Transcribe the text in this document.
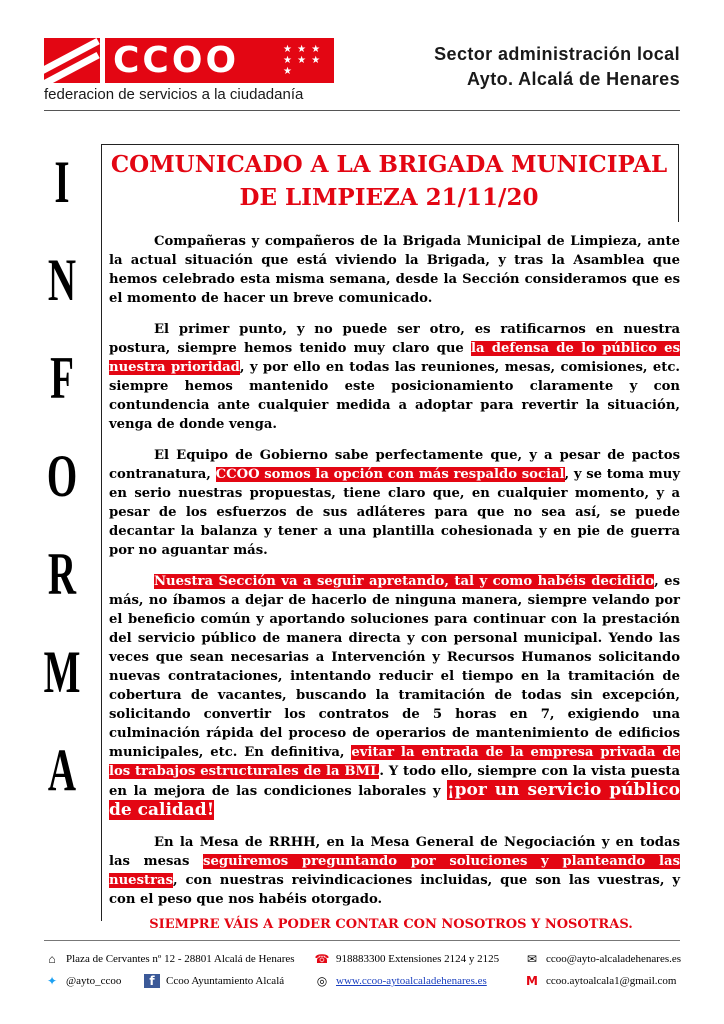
CCOO	★ ★ ★ ★ ★ ★ ★
federacion de servicios a la ciudadanía
Sector administración local
Ayto. Alcalá de Henares
I
N
F
O
R
M
A
COMUNICADO A LA BRIGADA MUNICIPAL
DE LIMPIEZA 21/11/20

Compañeras y compañeros de la Brigada Municipal de Limpieza, ante la actual situación que está viviendo la Brigada, y tras la Asamblea que hemos celebrado esta misma semana, desde la Sección consideramos que es el momento de hacer un breve comunicado.

El primer punto, y no puede ser otro, es ratificarnos en nuestra postura, siempre hemos tenido muy claro que la defensa de lo público es nuestra prioridad, y por ello en todas las reuniones, mesas, comisiones, etc. siempre hemos mantenido este posicionamiento claramente y con contundencia ante cualquier medida a adoptar para revertir la situación, venga de donde venga.

El Equipo de Gobierno sabe perfectamente que, y a pesar de pactos contranatura, CCOO somos la opción con más respaldo social, y se toma muy en serio nuestras propuestas, tiene claro que, en cualquier momento, y a pesar de los esfuerzos de sus adláteres para que no sea así, se puede decantar la balanza y tener a una plantilla cohesionada y en pie de guerra por no aguantar más.

Nuestra Sección va a seguir apretando, tal y como habéis decidido, es más, no íbamos a dejar de hacerlo de ninguna manera, siempre velando por el beneficio común y aportando soluciones para continuar con la prestación del servicio público de manera directa y con personal municipal. Yendo las veces que sean necesarias a Intervención y Recursos Humanos solicitando nuevas contrataciones, intentando reducir el tiempo en la tramitación de cobertura de vacantes, buscando la tramitación de todas sin excepción, solicitando convertir los contratos de 5 horas en 7, exigiendo una culminación rápida del proceso de operarios de mantenimiento de edificios municipales, etc. En definitiva, evitar la entrada de la empresa privada de los trabajos estructurales de la BML. Y todo ello, siempre con la vista puesta en la mejora de las condiciones laborales y ¡por un servicio público de calidad!

En la Mesa de RRHH, en la Mesa General de Negociación y en todas las mesas seguiremos preguntando por soluciones y planteando las nuestras, con nuestras reivindicaciones incluidas, que son las vuestras, y con el peso que nos habéis otorgado.

SIEMPRE VÁIS A PODER CONTAR CON NOSOTROS Y NOSOTRAS.
⌂ Plaza de Cervantes nº 12 - 28801 Alcalá de Henares ☎ 918883300 Extensiones 2124 y 2125 ✉ ccoo@ayto-alcaladehenares.es
✦ @ayto_ccoo	f	Ccoo Ayuntamiento Alcalá	◎ www.ccoo-aytoalcaladehenares.es	M ccoo.aytoalcala1@gmail.com
